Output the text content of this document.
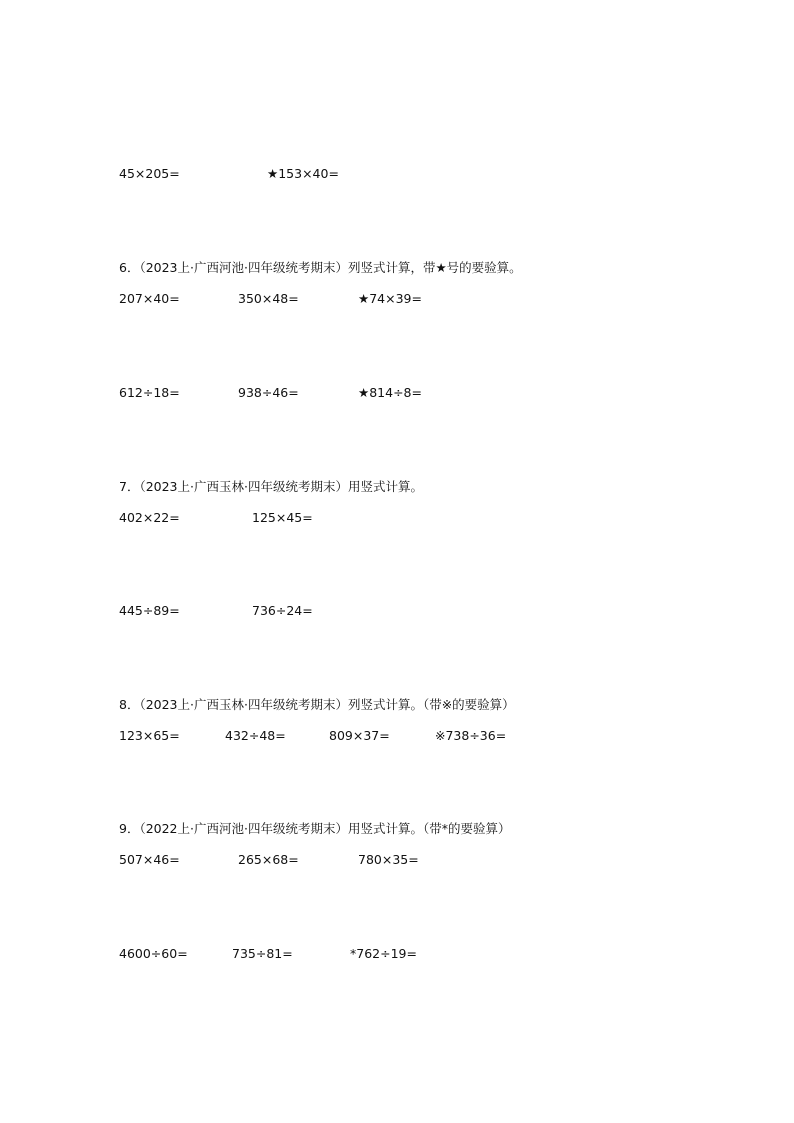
45×205=	★153×40=
6．（2023上·广西河池·四年级统考期末）列竖式计算，带★号的要验算。
207×40=	350×48=	★74×39=
612÷18=	938÷46=	★814÷8=
7．（2023上·广西玉林·四年级统考期末）用竖式计算。
402×22=	125×45=
445÷89=	736÷24=
8．（2023上·广西玉林·四年级统考期末）列竖式计算。（带※的要验算）
123×65=	432÷48=	809×37=	※738÷36=
9．（2022上·广西河池·四年级统考期末）用竖式计算。（带*的要验算）
507×46=	265×68=	780×35=
4600÷60=	735÷81=	*762÷19=
